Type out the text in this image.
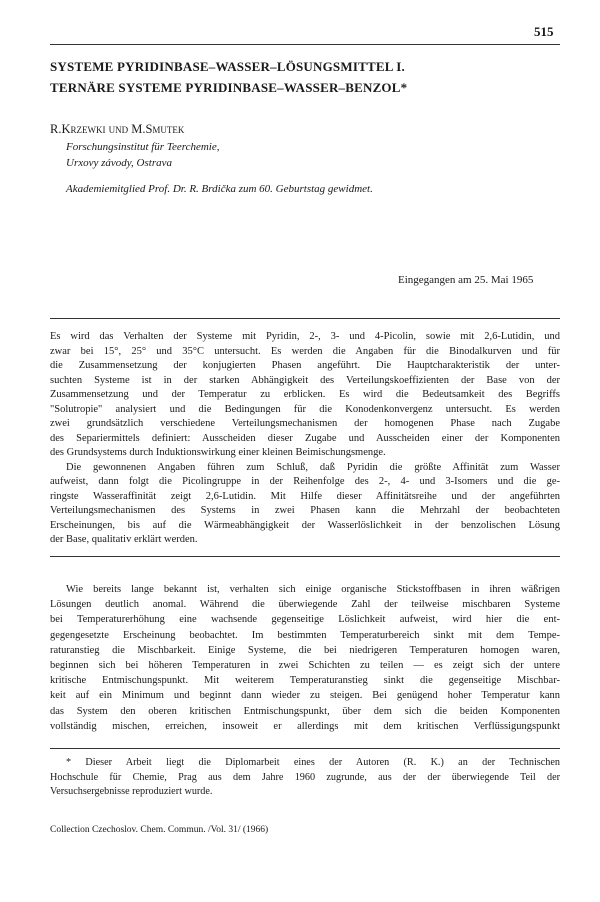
515
SYSTEME PYRIDINBASE–WASSER–LÖSUNGSMITTEL I.
TERNÄRE SYSTEME PYRIDINBASE–WASSER–BENZOL*
R.Krzewki und M.Smutek
Forschungsinstitut für Teerchemie,
Urxovy závody, Ostrava
Akademiemitglied Prof. Dr. R. Brdička zum 60. Geburtstag gewidmet.
Eingegangen am 25. Mai 1965
Es wird das Verhalten der Systeme mit Pyridin, 2-, 3- und 4-Picolin, sowie mit 2,6-Lutidin, und
zwar bei 15°, 25° und 35°C untersucht. Es werden die Angaben für die Binodalkurven und für
die Zusammensetzung der konjugierten Phasen angeführt. Die Hauptcharakteristik der unter-
suchten Systeme ist in der starken Abhängigkeit des Verteilungskoeffizienten der Base von der
Zusammensetzung und der Temperatur zu erblicken. Es wird die Bedeutsamkeit des Begriffs
"Solutropie" analysiert und die Bedingungen für die Konodenkonvergenz untersucht. Es werden
zwei grundsätzlich verschiedene Verteilungsmechanismen der homogenen Phase nach Zugabe
des Separiermittels definiert: Ausscheiden dieser Zugabe und Ausscheiden einer der Komponenten
des Grundsystems durch Induktionswirkung einer kleinen Beimischungsmenge.
Die gewonnenen Angaben führen zum Schluß, daß Pyridin die größte Affinität zum Wasser
aufweist, dann folgt die Picolingruppe in der Reihenfolge des 2-, 4- und 3-Isomers und die ge-
ringste Wasseraffinität zeigt 2,6-Lutidin. Mit Hilfe dieser Affinitätsreihe und der angeführten
Verteilungsmechanismen des Systems in zwei Phasen kann die Mehrzahl der beobachteten
Erscheinungen, bis auf die Wärmeabhängigkeit der Wasserlöslichkeit in der benzolischen Lösung
der Base, qualitativ erklärt werden.
Wie bereits lange bekannt ist, verhalten sich einige organische Stickstoffbasen in ihren wäßrigen
Lösungen deutlich anomal. Während die überwiegende Zahl der teilweise mischbaren Systeme
bei Temperaturerhöhung eine wachsende gegenseitige Löslichkeit aufweist, wird hier die ent-
gegengesetzte Erscheinung beobachtet. Im bestimmten Temperaturbereich sinkt mit dem Tempe-
raturanstieg die Mischbarkeit. Einige Systeme, die bei niedrigeren Temperaturen homogen waren,
beginnen sich bei höheren Temperaturen in zwei Schichten zu teilen — es zeigt sich der untere
kritische Entmischungspunkt. Mit weiterem Temperaturanstieg sinkt die gegenseitige Mischbar-
keit auf ein Minimum und beginnt dann wieder zu steigen. Bei genügend hoher Temperatur kann
das System den oberen kritischen Entmischungspunkt, über dem sich die beiden Komponenten
vollständig mischen, erreichen, insoweit er allerdings mit dem kritischen Verflüssigungspunkt
* Dieser Arbeit liegt die Diplomarbeit eines der Autoren (R. K.) an der Technischen
Hochschule für Chemie, Prag aus dem Jahre 1960 zugrunde, aus der der überwiegende Teil der
Versuchsergebnisse reproduziert wurde.
Collection Czechoslov. Chem. Commun. /Vol. 31/ (1966)
